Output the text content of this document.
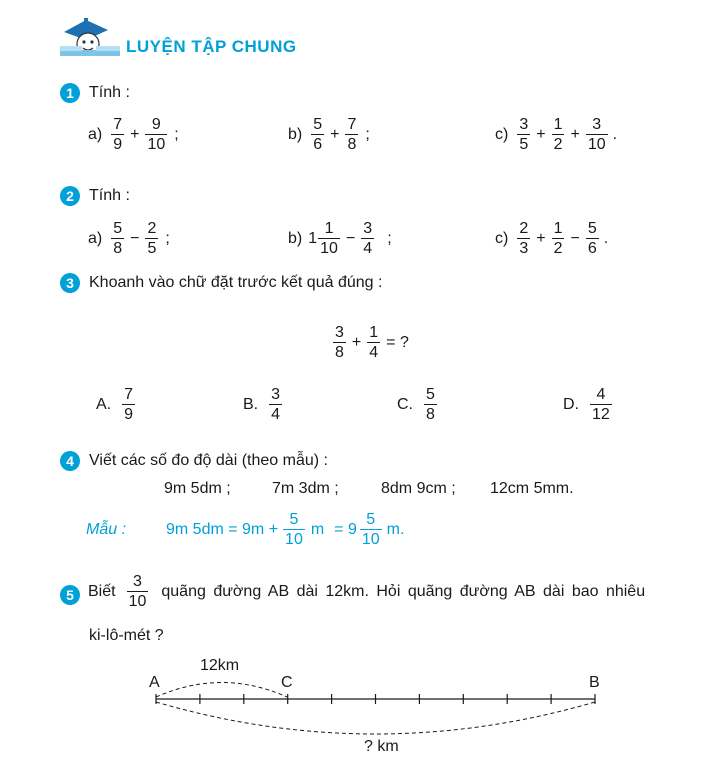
LUYỆN TẬP CHUNG
1 Tính :
$a) \frac{7}{9} + \frac{9}{10}$ ;	$b) \frac{5}{6} + \frac{7}{8}$ ;	$c) \frac{3}{5} + \frac{1}{2} + \frac{3}{10}$ .
2 Tính :
$a) \frac{5}{8} - \frac{2}{5}$ ;	b) $1 \frac{1}{10} - \frac{3}{4}$ ;	$c) \frac{2}{3} + \frac{1}{2} - \frac{5}{6}$ .
3 Khoanh vào chữ đặt trước kết quả đúng :
$\frac{3}{8} + \frac{1}{4}$ = ?
A. $\frac{7}{9}$	B. $\frac{3}{4}$	C. $\frac{5}{8}$	D. $\frac{4}{12}$
4 Viết các số đo độ dài (theo mẫu) :
9m 5dm ;	7m 3dm ;	8dm 9cm ; 12cm 5mm.
Mẫu : 9m $5dm = 9m + \frac{5}{10}$ $m = 9 \frac{5}{10} m$.
5 Biết $\frac{3}{10}$ quãng đường AB dài 12km. Hỏi quãng đường AB dài bao nhiêu
ki-lô-mét ?
A	C	B
12km
? km
